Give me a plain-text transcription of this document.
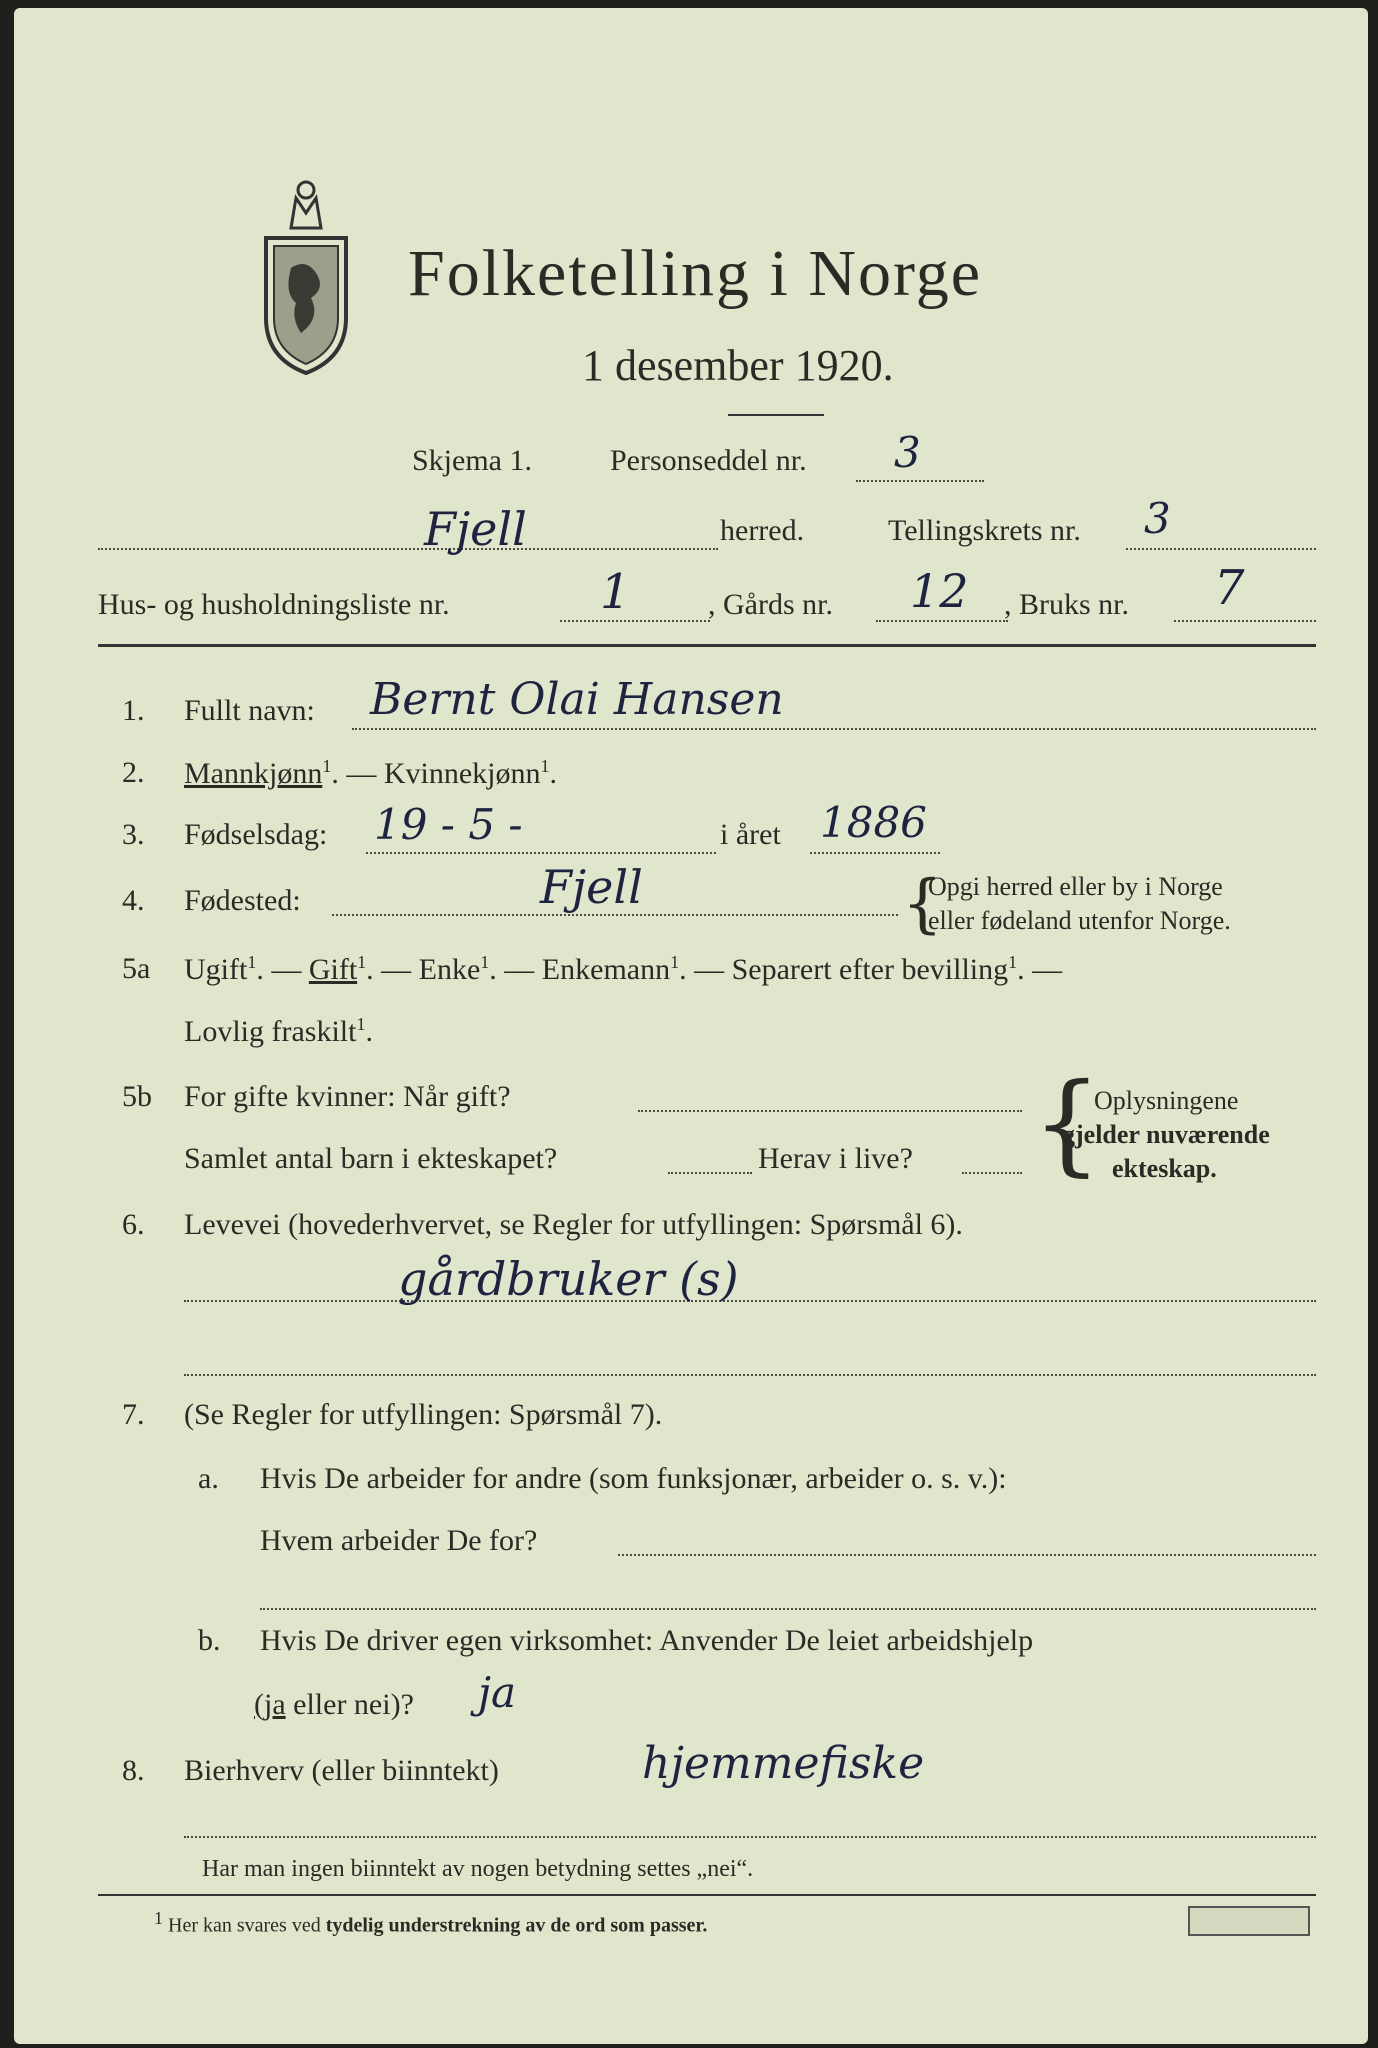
Folketelling i Norge
1 desember 1920.
Skjema 1.	Personseddel nr. 3
Fjell	herred.	Tellingskrets nr. 3
Hus- og husholdningsliste nr.	1	, Gårds nr. 12 , Bruks nr. 7
1. Fullt navn: Bernt Olai Hansen
2. Mannkjønn$^1$. — Kvinnekjønn$^1$.
3. Fødselsdag: 19 - 5 -	i året 1886
4. Fødested:	Fjell	{
Opgi herred eller by i Norge
eller fødeland utenfor Norge.
5a Ugift$^1$. — Gift$^1$. — Enke$^1$. — Enkemann$^1$. — Separert efter bevilling$^1$. —
Lovlig fraskilt$^1$.
5b For gifte kvinner: Når gift?
Samlet antal barn i ekteskapet?	Herav i live? {
Oplysningene
gjelder nuværende
ekteskap.
6. Levevei (hovederhvervet, se Regler for utfyllingen: Spørsmål 6).
gårdbruker (s)
7. (Se Regler for utfyllingen: Spørsmål 7).
a. Hvis De arbeider for andre (som funksjonær, arbeider o. s. v.):
Hvem arbeider De for?
b. Hvis De driver egen virksomhet: Anvender De leiet arbeidshjelp
(ja eller nei)? ja
8. Bierhverv (eller biinntekt)	hjemmefiske
Har man ingen biinntekt av nogen betydning settes „nei“.
1 Her kan svares ved tydelig understrekning av de ord som passer.
